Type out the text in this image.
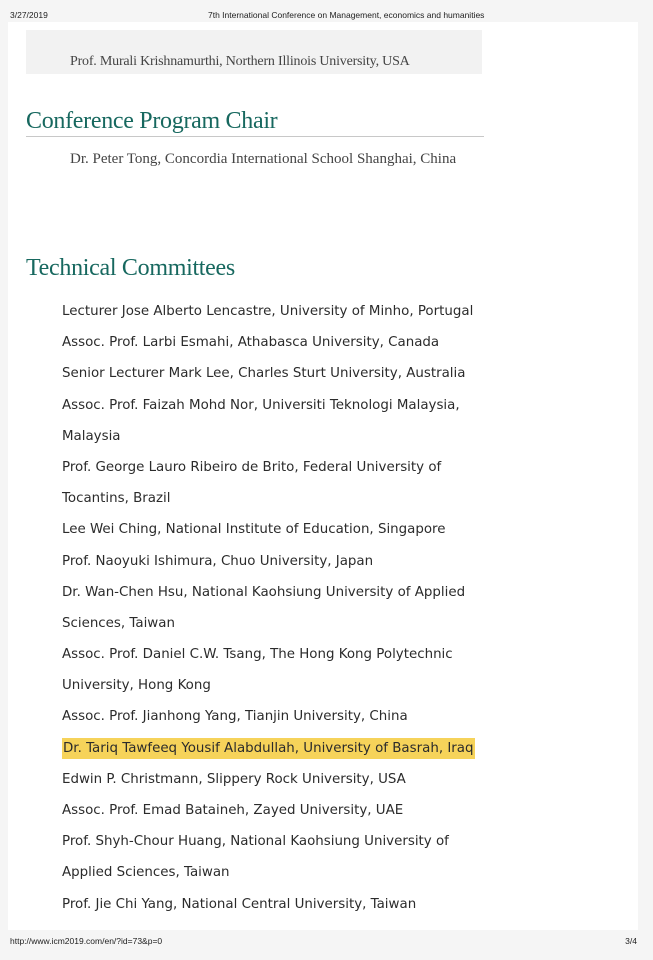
3/27/2019	7th International Conference on Management, economics and humanities
Prof. Murali Krishnamurthi, Northern Illinois University, USA
Conference Program Chair
Dr. Peter Tong, Concordia International School Shanghai, China
Technical Committees
Lecturer Jose Alberto Lencastre, University of Minho, Portugal
Assoc. Prof. Larbi Esmahi, Athabasca University, Canada
Senior Lecturer Mark Lee, Charles Sturt University, Australia
Assoc. Prof. Faizah Mohd Nor, Universiti Teknologi Malaysia,
Malaysia
Prof. George Lauro Ribeiro de Brito, Federal University of
Tocantins, Brazil
Lee Wei Ching, National Institute of Education, Singapore
Prof. Naoyuki Ishimura, Chuo University, Japan
Dr. Wan-Chen Hsu, National Kaohsiung University of Applied
Sciences, Taiwan
Assoc. Prof. Daniel C.W. Tsang, The Hong Kong Polytechnic
University, Hong Kong
Assoc. Prof. Jianhong Yang, Tianjin University, China
Dr. Tariq Tawfeeq Yousif Alabdullah, University of Basrah, Iraq
Edwin P. Christmann, Slippery Rock University, USA
Assoc. Prof. Emad Bataineh, Zayed University, UAE
Prof. Shyh-Chour Huang, National Kaohsiung University of
Applied Sciences, Taiwan
Prof. Jie Chi Yang, National Central University, Taiwan
http://www.icm2019.com/en/?id=73&p=0	3/4
